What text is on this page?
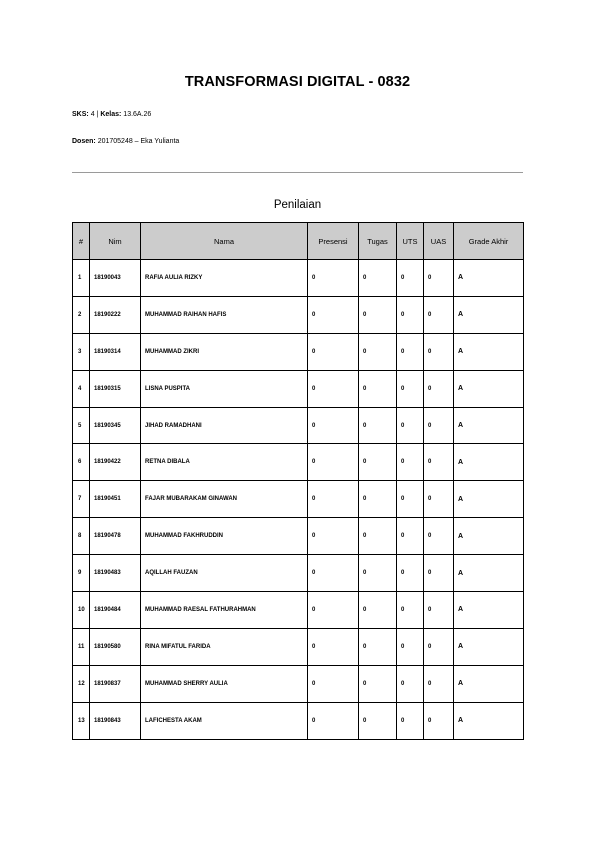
TRANSFORMASI DIGITAL - 0832
SKS: 4 | Kelas: 13.6A.26
Dosen: 201705248 – Eka Yulianta
Penilaian
#	Nim	Nama	Presensi	Tugas	UTS	UAS	Grade Akhir
1	18190043	RAFIA AULIA RIZKY	0	0	0	0	A
2	18190222	MUHAMMAD RAIHAN HAFIS	0	0	0	0	A
3	18190314	MUHAMMAD ZIKRI	0	0	0	0	A
4	18190315	LISNA PUSPITA	0	0	0	0	A
5	18190345	JIHAD RAMADHANI	0	0	0	0	A
6	18190422	RETNA DIBALA	0	0	0	0	A
7	18190451	FAJAR MUBARAKAM GINAWAN	0	0	0	0	A
8	18190478	MUHAMMAD FAKHRUDDIN	0	0	0	0	A
9	18190483	AQILLAH FAUZAN	0	0	0	0	A
10	18190484	MUHAMMAD RAESAL FATHURAHMAN	0	0	0	0	A
11	18190580	RINA MIFATUL FARIDA	0	0	0	0	A
12	18190837	MUHAMMAD SHERRY AULIA	0	0	0	0	A
13	18190843	LAFICHESTA AKAM	0	0	0	0	A
